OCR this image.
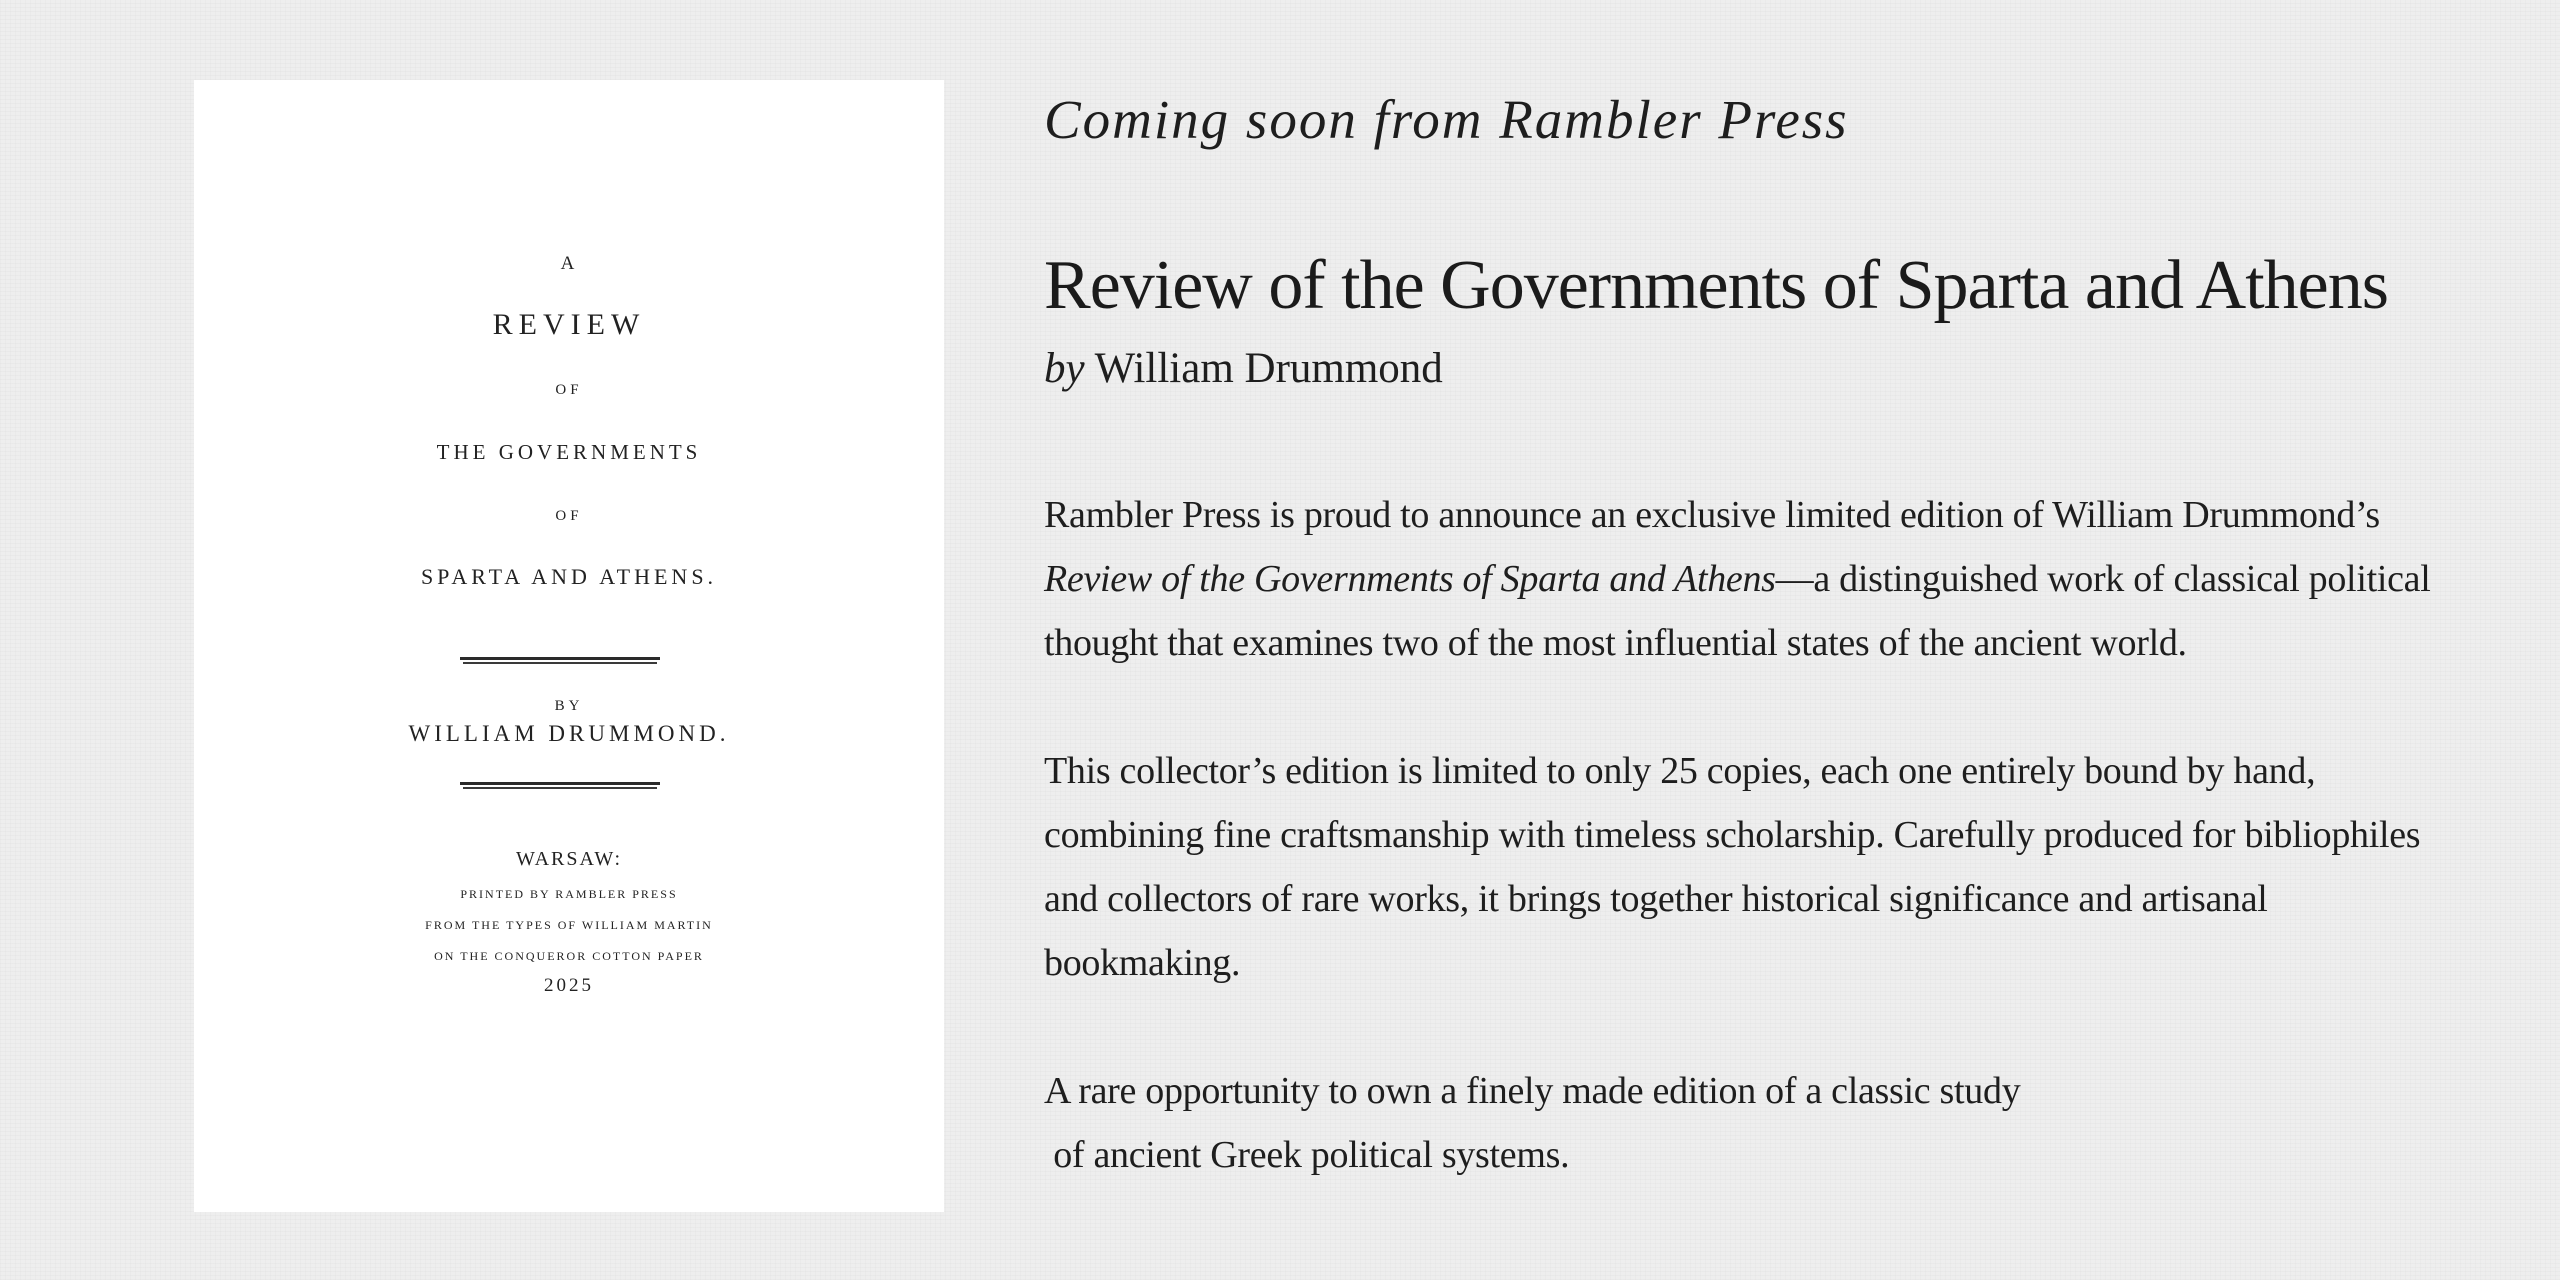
A

REVIEW

OF

THE GOVERNMENTS

OF

SPARTA AND ATHENS.

BY

WILLIAM DRUMMOND.

WARSAW:

PRINTED BY RAMBLER PRESS

FROM THE TYPES OF WILLIAM MARTIN

ON THE CONQUEROR COTTON PAPER

2025

Coming soon from Rambler Press
Review of the Governments of Sparta and Athens

by William Drummond

Rambler Press is proud to announce an exclusive limited edition of William Drummond’s

Review of the Governments of Sparta and Athens—a distinguished work of classical political

thought that examines two of the most influential states of the ancient world.

This collector’s edition is limited to only 25 copies, each one entirely bound by hand,

combining fine craftsmanship with timeless scholarship. Carefully produced for bibliophiles

and collectors of rare works, it brings together historical significance and artisanal

bookmaking.

A rare opportunity to own a finely made edition of a classic study

of ancient Greek political systems.
